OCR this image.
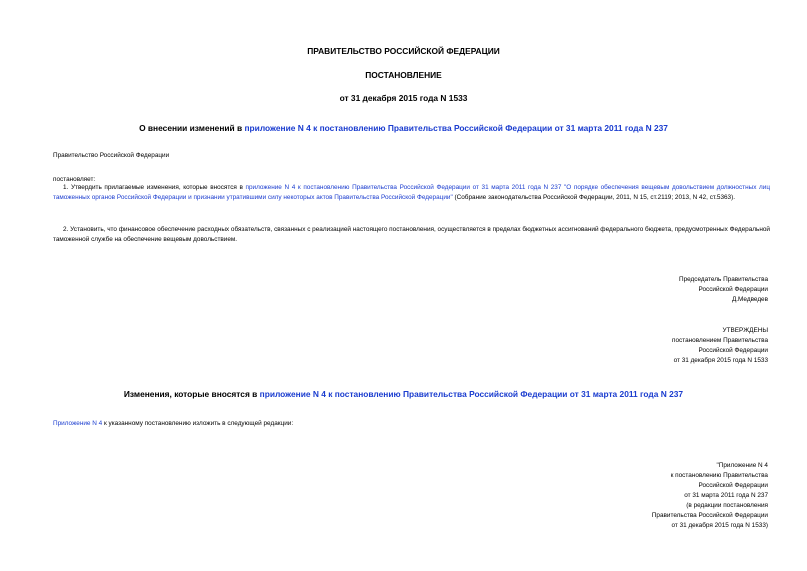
ПРАВИТЕЛЬСТВО РОССИЙСКОЙ ФЕДЕРАЦИИ
ПОСТАНОВЛЕНИЕ
от 31 декабря 2015 года N 1533
О внесении изменений в приложение N 4 к постановлению Правительства Российской Федерации от 31 марта 2011 года N 237
Правительство Российской Федерации
постановляет:
1. Утвердить прилагаемые изменения, которые вносятся в приложение N 4 к постановлению Правительства Российской Федерации от 31 марта 2011 года N 237 "О порядке обеспечения вещевым довольствием должностных лиц таможенных органов Российской Федерации и признании утратившими силу некоторых актов Правительства Российской Федерации" (Собрание законодательства Российской Федерации, 2011, N 15, ст.2119; 2013, N 42, ст.5363).
2. Установить, что финансовое обеспечение расходных обязательств, связанных с реализацией настоящего постановления, осуществляется в пределах бюджетных ассигнований федерального бюджета, предусмотренных Федеральной таможенной службе на обеспечение вещевым довольствием.
Председатель Правительства
Российской Федерации
Д.Медведев
УТВЕРЖДЕНЫ
постановлением Правительства
Российской Федерации
от 31 декабря 2015 года N 1533
Изменения, которые вносятся в приложение N 4 к постановлению Правительства Российской Федерации от 31 марта 2011 года N 237
Приложение N 4 к указанному постановлению изложить в следующей редакции:
"Приложение N 4
к постановлению Правительства
Российской Федерации
от 31 марта 2011 года N 237
(в редакции постановления
Правительства Российской Федерации
от 31 декабря 2015 года N 1533)
